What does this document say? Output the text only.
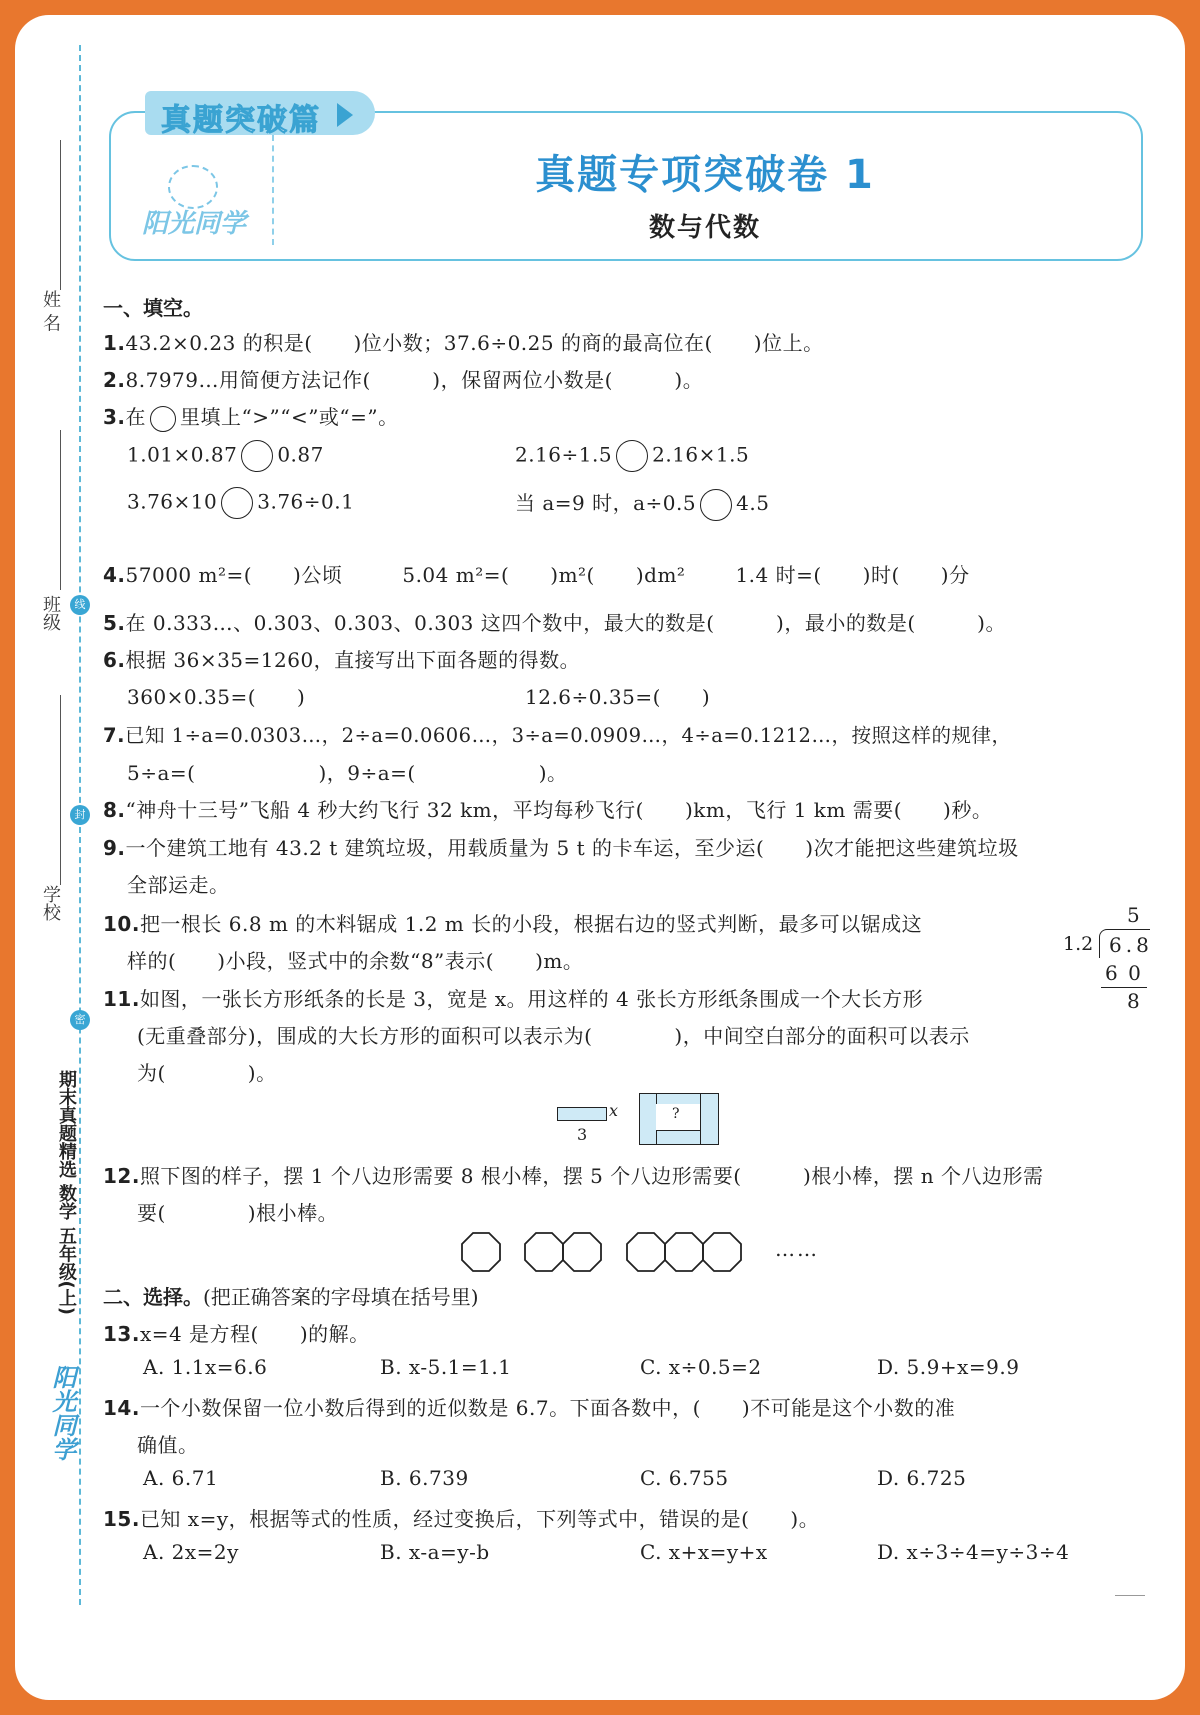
姓 名
班级
学校
线
封
密
期末真题精选 数学 五年级(上)
阳光同学
真题突破篇
阳光同学
真题专项突破卷 1
数与代数
一、填空。
1.43.2×0.23 的积是(　　)位小数；37.6÷0.25 的商的最高位在(　　)位上。
2.8.7979…用简便方法记作(　　　)，保留两位小数是(　　　)。
3.在 里填上“>”“<”或“=”。
1.01×0.87 0.87	2.16÷1.5 2.16×1.5
3.76×10 3.76÷0.1	当 a=9 时，a÷0.5 4.5
4.57000 m²=(　　)公顷	5.04 m²=(　　)m²(　　)dm²	1.4 时=(　　)时(　　)分
5.在 0.333…、0.303、0.303、0.303 这四个数中，最大的数是(　　　)，最小的数是(　　　)。
6.根据 36×35=1260，直接写出下面各题的得数。
360×0.35=(　　)	12.6÷0.35=(　　)
7.已知 1÷a=0.0303…，2÷a=0.0606…，3÷a=0.0909…，4÷a=0.1212…，按照这样的规律，
5÷a=(　　　　　　)，9÷a=(　　　　　　)。
8.“神舟十三号”飞船 4 秒大约飞行 32 km，平均每秒飞行(　　)km，飞行 1 km 需要(　　)秒。
9.一个建筑工地有 43.2 t 建筑垃圾，用载质量为 5 t 的卡车运，至少运(　　)次才能把这些建筑垃圾
全部运走。
10.把一根长 6.8 m 的木料锯成 1.2 m 长的小段，根据右边的竖式判断，最多可以锯成这
样的(　　)小段，竖式中的余数“8”表示(　　)m。
5
1.2 6.8
6 0
8
11.如图，一张长方形纸条的长是 3，宽是 x。用这样的 4 张长方形纸条围成一个大长方形
(无重叠部分)，围成的大长方形的面积可以表示为(　　　　)，中间空白部分的面积可以表示
为(　　　　)。
x
3
?
12.照下图的样子，摆 1 个八边形需要 8 根小棒，摆 5 个八边形需要(　　　)根小棒，摆 n 个八边形需
要(　　　　)根小棒。
……
二、选择。(把正确答案的字母填在括号里)
13.x=4 是方程(　　)的解。
A. 1.1x=6.6	B. x-5.1=1.1	C. x÷0.5=2	D. 5.9+x=9.9
14.一个小数保留一位小数后得到的近似数是 6.7。下面各数中，(　　)不可能是这个小数的准
确值。
A. 6.71	B. 6.739	C. 6.755	D. 6.725
15.已知 x=y，根据等式的性质，经过变换后，下列等式中，错误的是(　　)。
A. 2x=2y	B. x-a=y-b	C. x+x=y+x	D. x÷3÷4=y÷3÷4
